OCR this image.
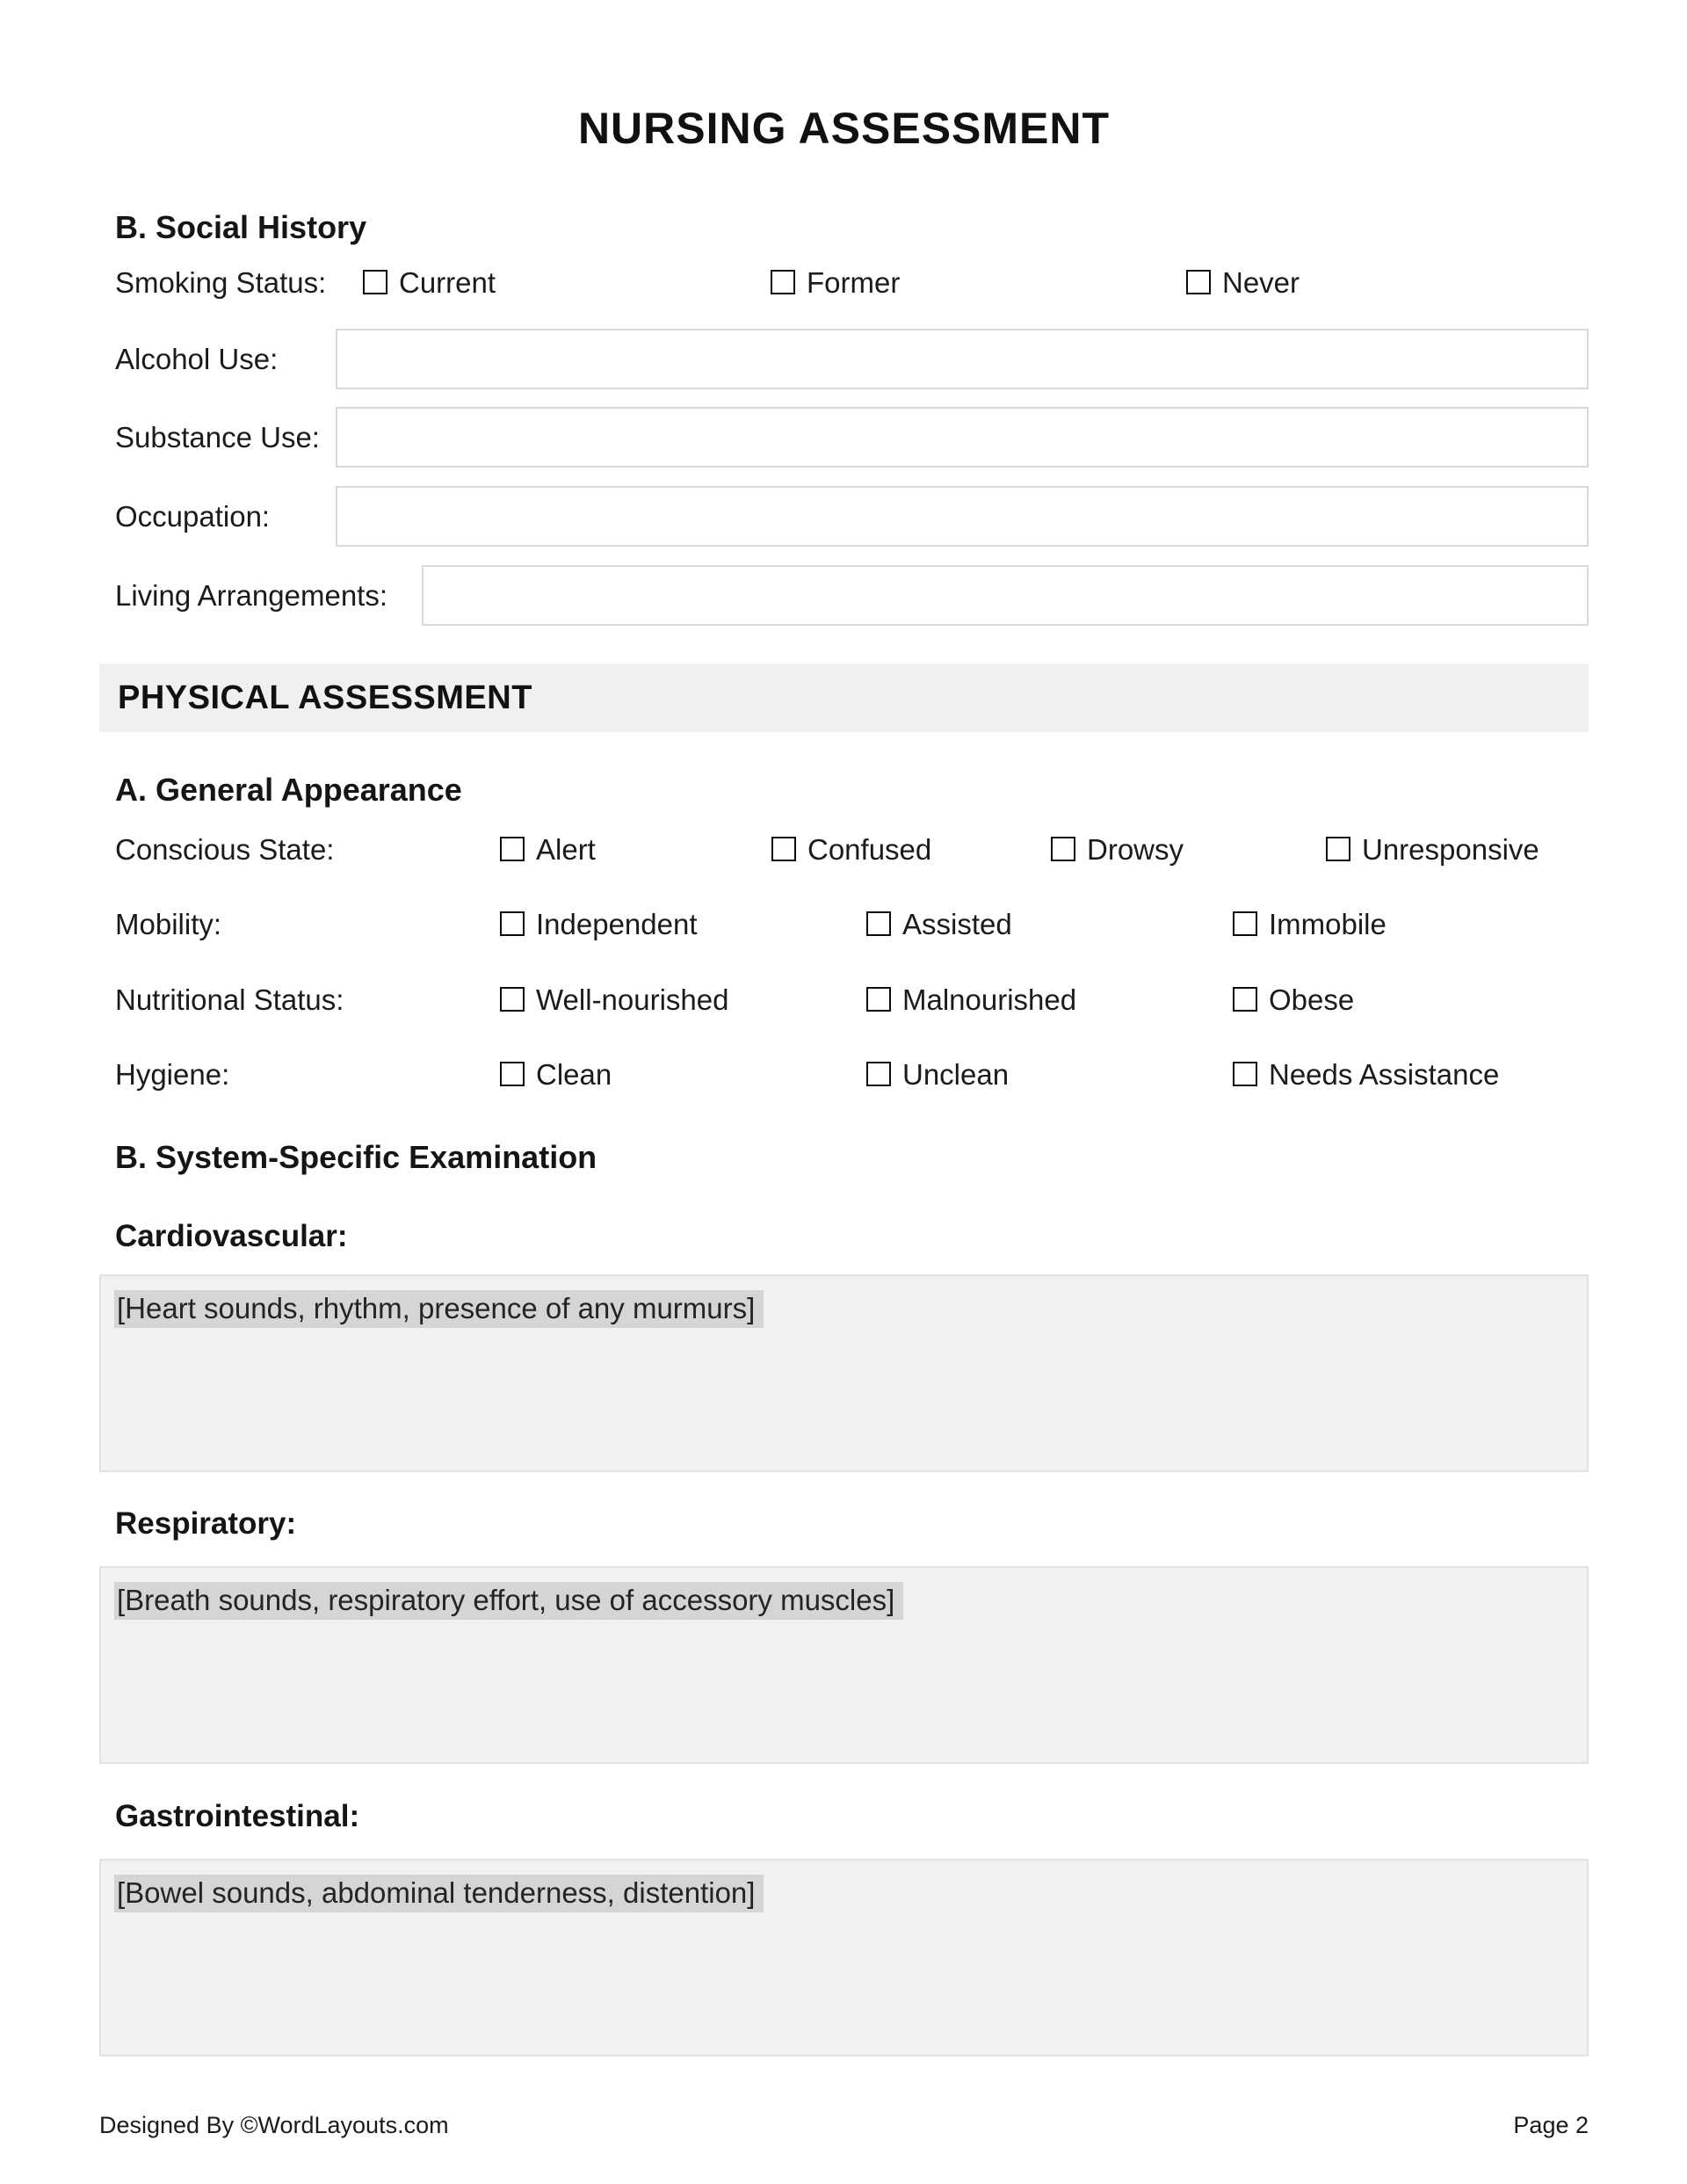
NURSING ASSESSMENT
B. Social History
Smoking Status:	Current	Former	Never
Alcohol Use:
Substance Use:
Occupation:
Living Arrangements:
PHYSICAL ASSESSMENT
A. General Appearance
Conscious State:	Alert	Confused	Drowsy	Unresponsive
Mobility:	Independent	Assisted	Immobile
Nutritional Status:	Well-nourished	Malnourished	Obese
Hygiene:	Clean	Unclean	Needs Assistance
B. System-Specific Examination
Cardiovascular:
[Heart sounds, rhythm, presence of any murmurs]
Respiratory:
[Breath sounds, respiratory effort, use of accessory muscles]
Gastrointestinal:
[Bowel sounds, abdominal tenderness, distention]
Designed By ©WordLayouts.com	Page 2
